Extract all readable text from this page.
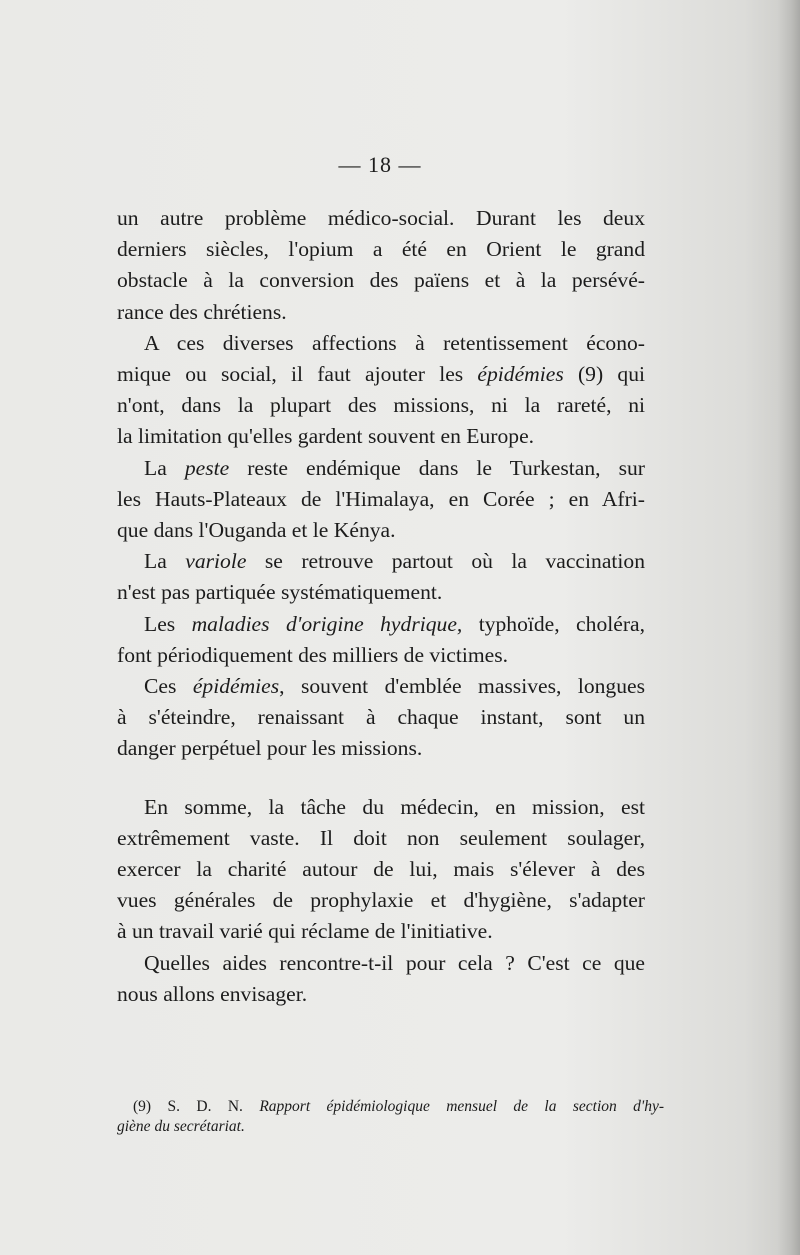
— 18 —

un autre problème médico-social. Durant les deux
derniers siècles, l'opium a été en Orient le grand
obstacle à la conversion des païens et à la persévé-
rance des chrétiens.

A ces diverses affections à retentissement écono-
mique ou social, il faut ajouter les épidémies (9) qui
n'ont, dans la plupart des missions, ni la rareté, ni
la limitation qu'elles gardent souvent en Europe.

La peste reste endémique dans le Turkestan, sur
les Hauts-Plateaux de l'Himalaya, en Corée ; en Afri-
que dans l'Ouganda et le Kénya.

La variole se retrouve partout où la vaccination
n'est pas partiquée systématiquement.

Les maladies d'origine hydrique, typhoïde, choléra,
font périodiquement des milliers de victimes.

Ces épidémies, souvent d'emblée massives, longues
à s'éteindre, renaissant à chaque instant, sont un
danger perpétuel pour les missions.

En somme, la tâche du médecin, en mission, est
extrêmement vaste. Il doit non seulement soulager,
exercer la charité autour de lui, mais s'élever à des
vues générales de prophylaxie et d'hygiène, s'adapter
à un travail varié qui réclame de l'initiative.

Quelles aides rencontre-t-il pour cela ? C'est ce que
nous allons envisager.

(9) S. D. N. Rapport épidémiologique mensuel de la section d'hy-
giène du secrétariat.
